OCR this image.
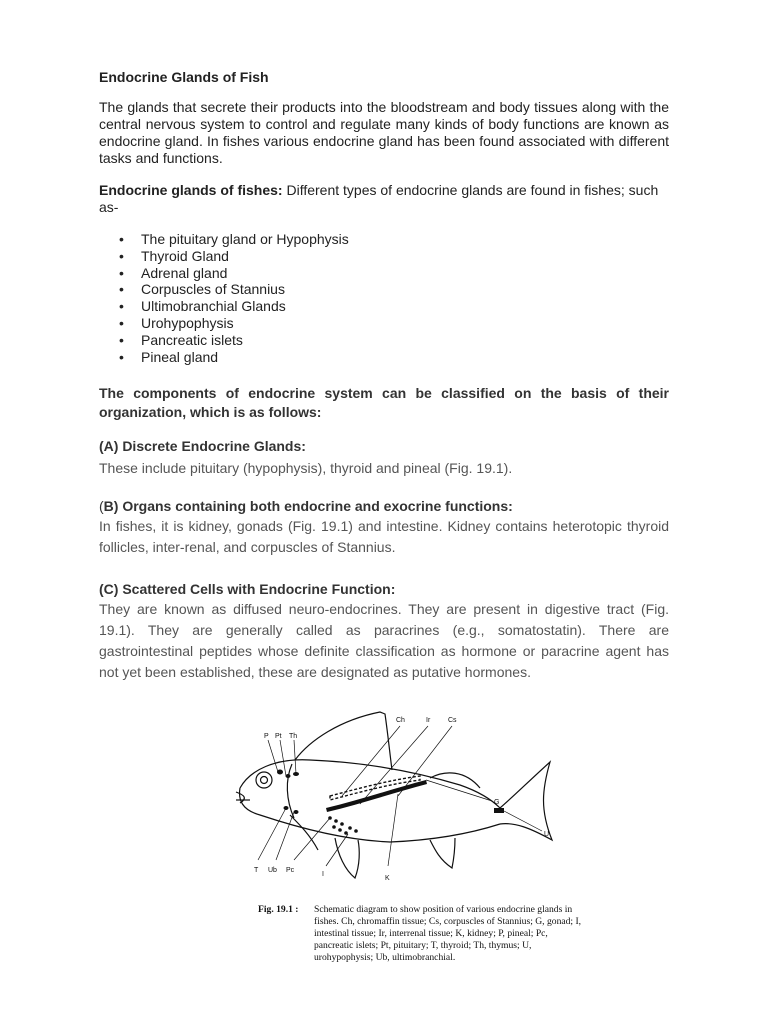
Endocrine Glands of Fish
The glands that secrete their products into the bloodstream and body tissues along with the central nervous system to control and regulate many kinds of body functions are known as endocrine gland. In fishes various endocrine gland has been found associated with different tasks and functions.
Endocrine glands of fishes: Different types of endocrine glands are found in fishes; such as-
• The pituitary gland or Hypophysis
• Thyroid Gland
• Adrenal gland
• Corpuscles of Stannius
• Ultimobranchial Glands
• Urohypophysis
• Pancreatic islets
• Pineal gland
The components of endocrine system can be classified on the basis of their organization, which is as follows:
(A) Discrete Endocrine Glands:
These include pituitary (hypophysis), thyroid and pineal (Fig. 19.1).
(B) Organs containing both endocrine and exocrine functions:
In fishes, it is kidney, gonads (Fig. 19.1) and intestine. Kidney contains heterotopic thyroid follicles, inter-renal, and corpuscles of Stannius.
(C) Scattered Cells with Endocrine Function:
They are known as diffused neuro-endocrines. They are present in digestive tract (Fig. 19.1). They are generally called as paracrines (e.g., somatostatin). There are gastrointestinal peptides whose definite classification as hormone or paracrine agent has not yet been established, these are designated as putative hormones.
P Pt Th
Ch	Ir	Cs
G
U
K
T Ub Pc
I
Fig. 19.1 : Schematic diagram to show position of various endocrine glands in fishes. Ch, chromaffin tissue; Cs, corpuscles of Stannius; G, gonad; I, intestinal tissue; Ir, interrenal tissue; K, kidney; P, pineal; Pc, pancreatic islets; Pt, pituitary; T, thyroid; Th, thymus; U, urohypophysis; Ub, ultimobranchial.
